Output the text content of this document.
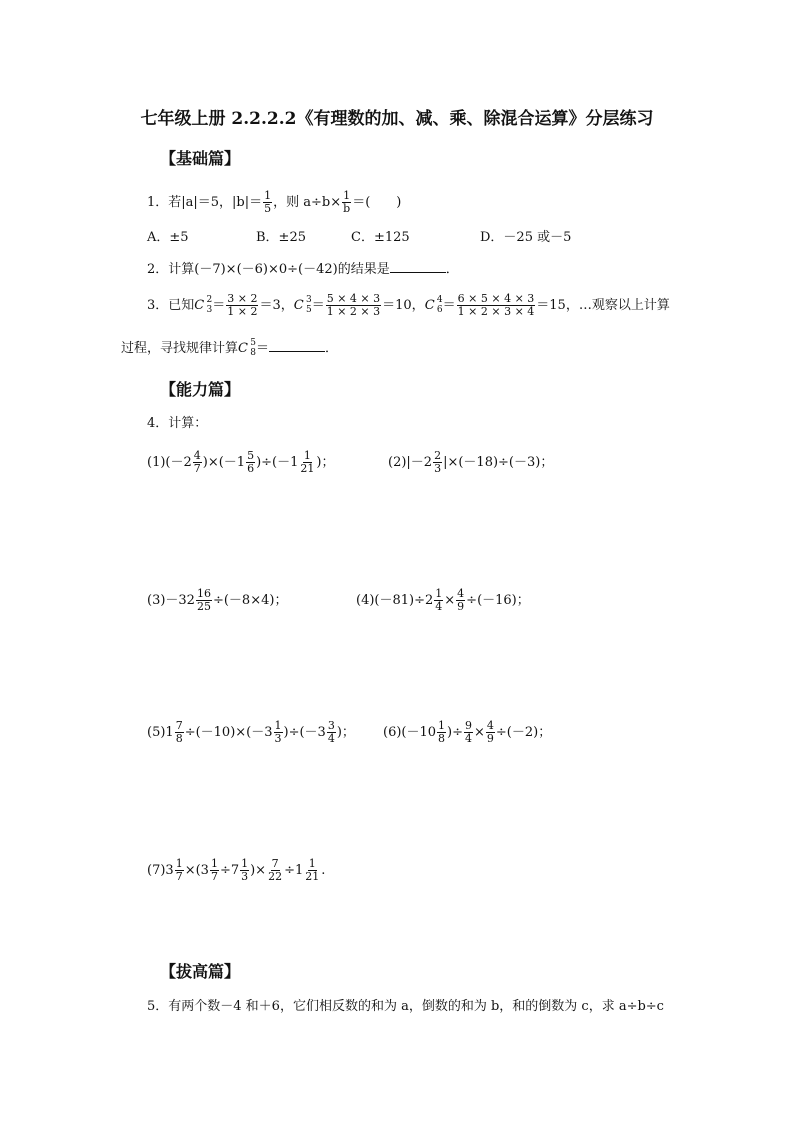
七年级上册 2.2.2.2《有理数的加、减、乘、除混合运算》分层练习
【基础篇】
1．若|a|＝5，$|b|= \frac{1}{5}$ ，则 $a\div b\times \frac{1}{b}$ ＝(　　)
A．±5	B．±25	C．±125	D．－25 或－5
2．计算(－7)×(－6)×0÷(－42)的结果是	．
3．已知C 2
$3 = \frac{3 \times 2}{1 \times 2} =3$，C 3
$5 = \frac{5 \times 4 \times 3}{1 \times 2 \times 3} =10$，C 4
$6 = \frac{6 \times 5 \times 4 \times 3}{1 \times 2 \times 3 \times 4} =15$，…观察以上计算
过程，寻找规律计算C 5
8 ＝	．
【能力篇】
4．计算：
$(1)(-2 \frac{4}{7} )\times(-1 \frac{5}{6} )\div(-1 \frac{1}{21}$ )；	$(2)|-2 \frac{2}{3} |\times(-18)\div(-3)$；
$(3)-32 \frac{16}{25} \div(-8\times 4)$；	$(4)(-81)\div 2 \frac{1}{4} \times \frac{4}{9} \div(-16)$；
$(5)1 \frac{7}{8} \div(-10)\times(-3 \frac{1}{3} )\div(-3 \frac{3}{4}$ )； $(6)(-10 \frac{1}{8}$ )÷ $\frac{9}{4} \times \frac{4}{9} \div(-2)$；
$(7)3 \frac{1}{7} \times(3 \frac{1}{7} \div 7 \frac{1}{3}$ )× $\frac{7}{22} \div 1 \frac{1}{21}$ .
【拔高篇】
5．有两个数－4 和＋6，它们相反数的和为 a，倒数的和为 b，和的倒数为 c，求 a÷b÷c
